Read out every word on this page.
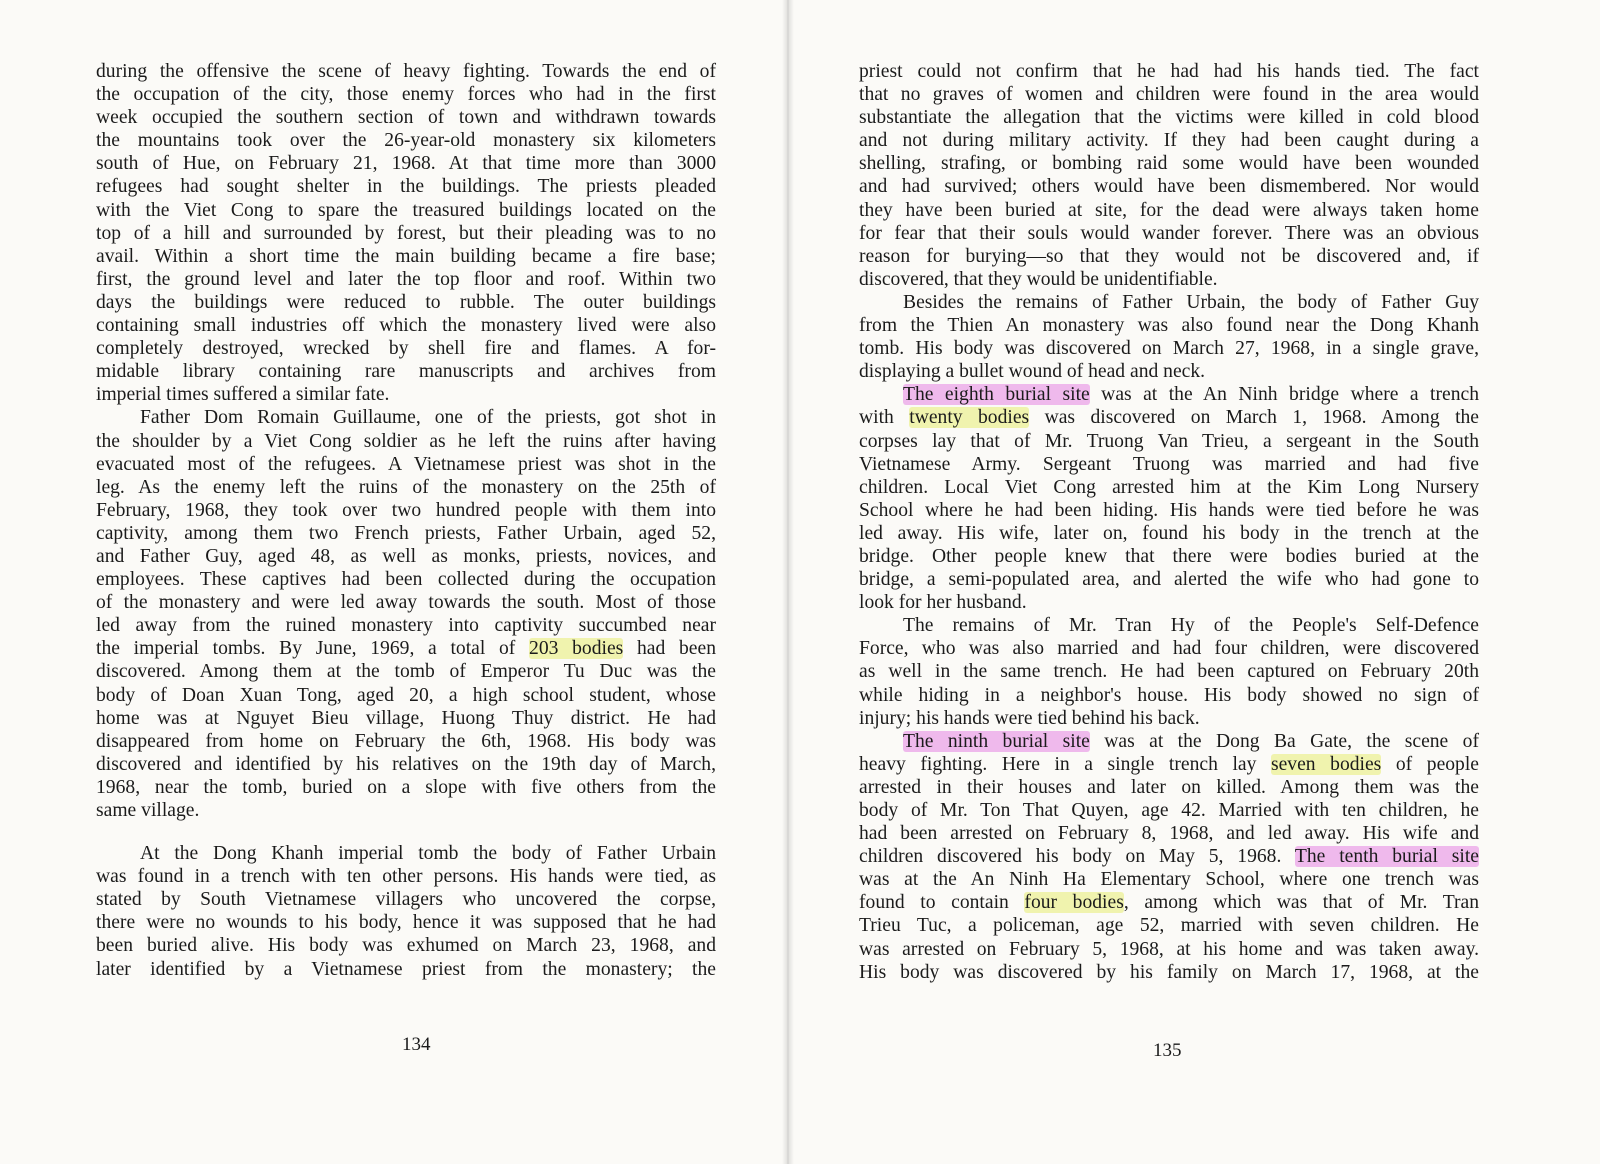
during the offensive the scene of heavy fighting. Towards the end of
the occupation of the city, those enemy forces who had in the first
week occupied the southern section of town and withdrawn towards
the mountains took over the 26-year-old monastery six kilometers
south of Hue, on February 21, 1968. At that time more than 3000
refugees had sought shelter in the buildings. The priests pleaded
with the Viet Cong to spare the treasured buildings located on the
top of a hill and surrounded by forest, but their pleading was to no
avail. Within a short time the main building became a fire base;
first, the ground level and later the top floor and roof. Within two
days the buildings were reduced to rubble. The outer buildings
containing small industries off which the monastery lived were also
completely destroyed, wrecked by shell fire and flames. A for-
midable library containing rare manuscripts and archives from
imperial times suffered a similar fate.
Father Dom Romain Guillaume, one of the priests, got shot in
the shoulder by a Viet Cong soldier as he left the ruins after having
evacuated most of the refugees. A Vietnamese priest was shot in the
leg. As the enemy left the ruins of the monastery on the 25th of
February, 1968, they took over two hundred people with them into
captivity, among them two French priests, Father Urbain, aged 52,
and Father Guy, aged 48, as well as monks, priests, novices, and
employees. These captives had been collected during the occupation
of the monastery and were led away towards the south. Most of those
led away from the ruined monastery into captivity succumbed near
the imperial tombs. By June, 1969, a total of 203 bodies had been
discovered. Among them at the tomb of Emperor Tu Duc was the
body of Doan Xuan Tong, aged 20, a high school student, whose
home was at Nguyet Bieu village, Huong Thuy district. He had
disappeared from home on February the 6th, 1968. His body was
discovered and identified by his relatives on the 19th day of March,
1968, near the tomb, buried on a slope with five others from the
same village.
At the Dong Khanh imperial tomb the body of Father Urbain
was found in a trench with ten other persons. His hands were tied, as
stated by South Vietnamese villagers who uncovered the corpse,
there were no wounds to his body, hence it was supposed that he had
been buried alive. His body was exhumed on March 23, 1968, and
later identified by a Vietnamese priest from the monastery; the
priest could not confirm that he had had his hands tied. The fact
that no graves of women and children were found in the area would
substantiate the allegation that the victims were killed in cold blood
and not during military activity. If they had been caught during a
shelling, strafing, or bombing raid some would have been wounded
and had survived; others would have been dismembered. Nor would
they have been buried at site, for the dead were always taken home
for fear that their souls would wander forever. There was an obvious
reason for burying—so that they would not be discovered and, if
discovered, that they would be unidentifiable.
Besides the remains of Father Urbain, the body of Father Guy
from the Thien An monastery was also found near the Dong Khanh
tomb. His body was discovered on March 27, 1968, in a single grave,
displaying a bullet wound of head and neck.
The eighth burial site was at the An Ninh bridge where a trench
with twenty bodies was discovered on March 1, 1968. Among the
corpses lay that of Mr. Truong Van Trieu, a sergeant in the South
Vietnamese Army. Sergeant Truong was married and had five
children. Local Viet Cong arrested him at the Kim Long Nursery
School where he had been hiding. His hands were tied before he was
led away. His wife, later on, found his body in the trench at the
bridge. Other people knew that there were bodies buried at the
bridge, a semi-populated area, and alerted the wife who had gone to
look for her husband.
The remains of Mr. Tran Hy of the People's Self-Defence
Force, who was also married and had four children, were discovered
as well in the same trench. He had been captured on February 20th
while hiding in a neighbor's house. His body showed no sign of
injury; his hands were tied behind his back.
The ninth burial site was at the Dong Ba Gate, the scene of
heavy fighting. Here in a single trench lay seven bodies of people
arrested in their houses and later on killed. Among them was the
body of Mr. Ton That Quyen, age 42. Married with ten children, he
had been arrested on February 8, 1968, and led away. His wife and
children discovered his body on May 5, 1968. The tenth burial site
was at the An Ninh Ha Elementary School, where one trench was
found to contain four bodies, among which was that of Mr. Tran
Trieu Tuc, a policeman, age 52, married with seven children. He
was arrested on February 5, 1968, at his home and was taken away.
His body was discovered by his family on March 17, 1968, at the
134	135
